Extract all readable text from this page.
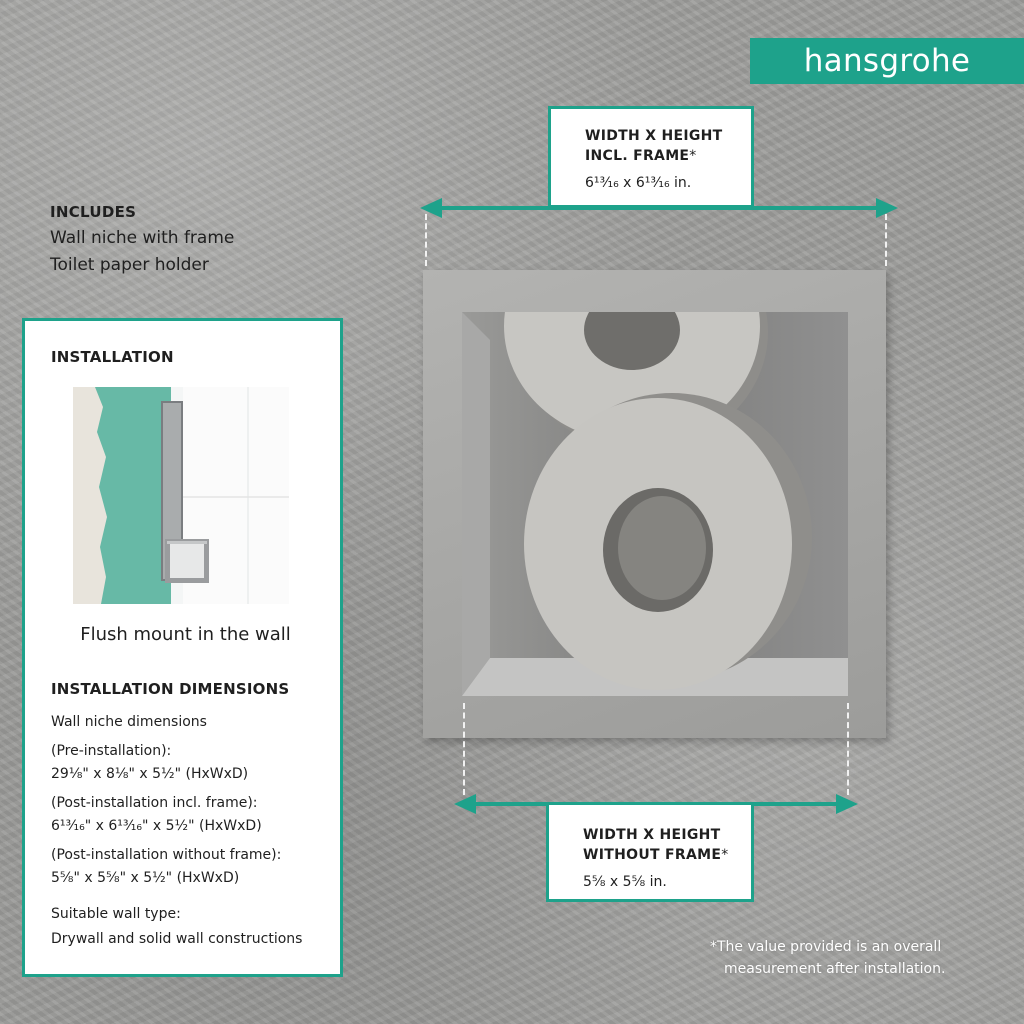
hansgrohe
INCLUDES
Wall niche with frame
Toilet paper holder
INSTALLATION
Flush mount in the wall
INSTALLATION DIMENSIONS
Wall niche dimensions
(Pre-installation):
29⅛" x 8⅛" x 5½" (HxWxD)
(Post-installation incl. frame):
6¹³⁄₁₆" x 6¹³⁄₁₆" x 5½" (HxWxD)
(Post-installation without frame):
5⅝" x 5⅝" x 5½" (HxWxD)
Suitable wall type:
Drywall and solid wall constructions
WIDTH X HEIGHT
INCL. FRAME*
6¹³⁄₁₆ x 6¹³⁄₁₆ in.
WIDTH X HEIGHT
WITHOUT FRAME*
5⅝ x 5⅝ in.
*The value provided is an overall
measurement after installation.
